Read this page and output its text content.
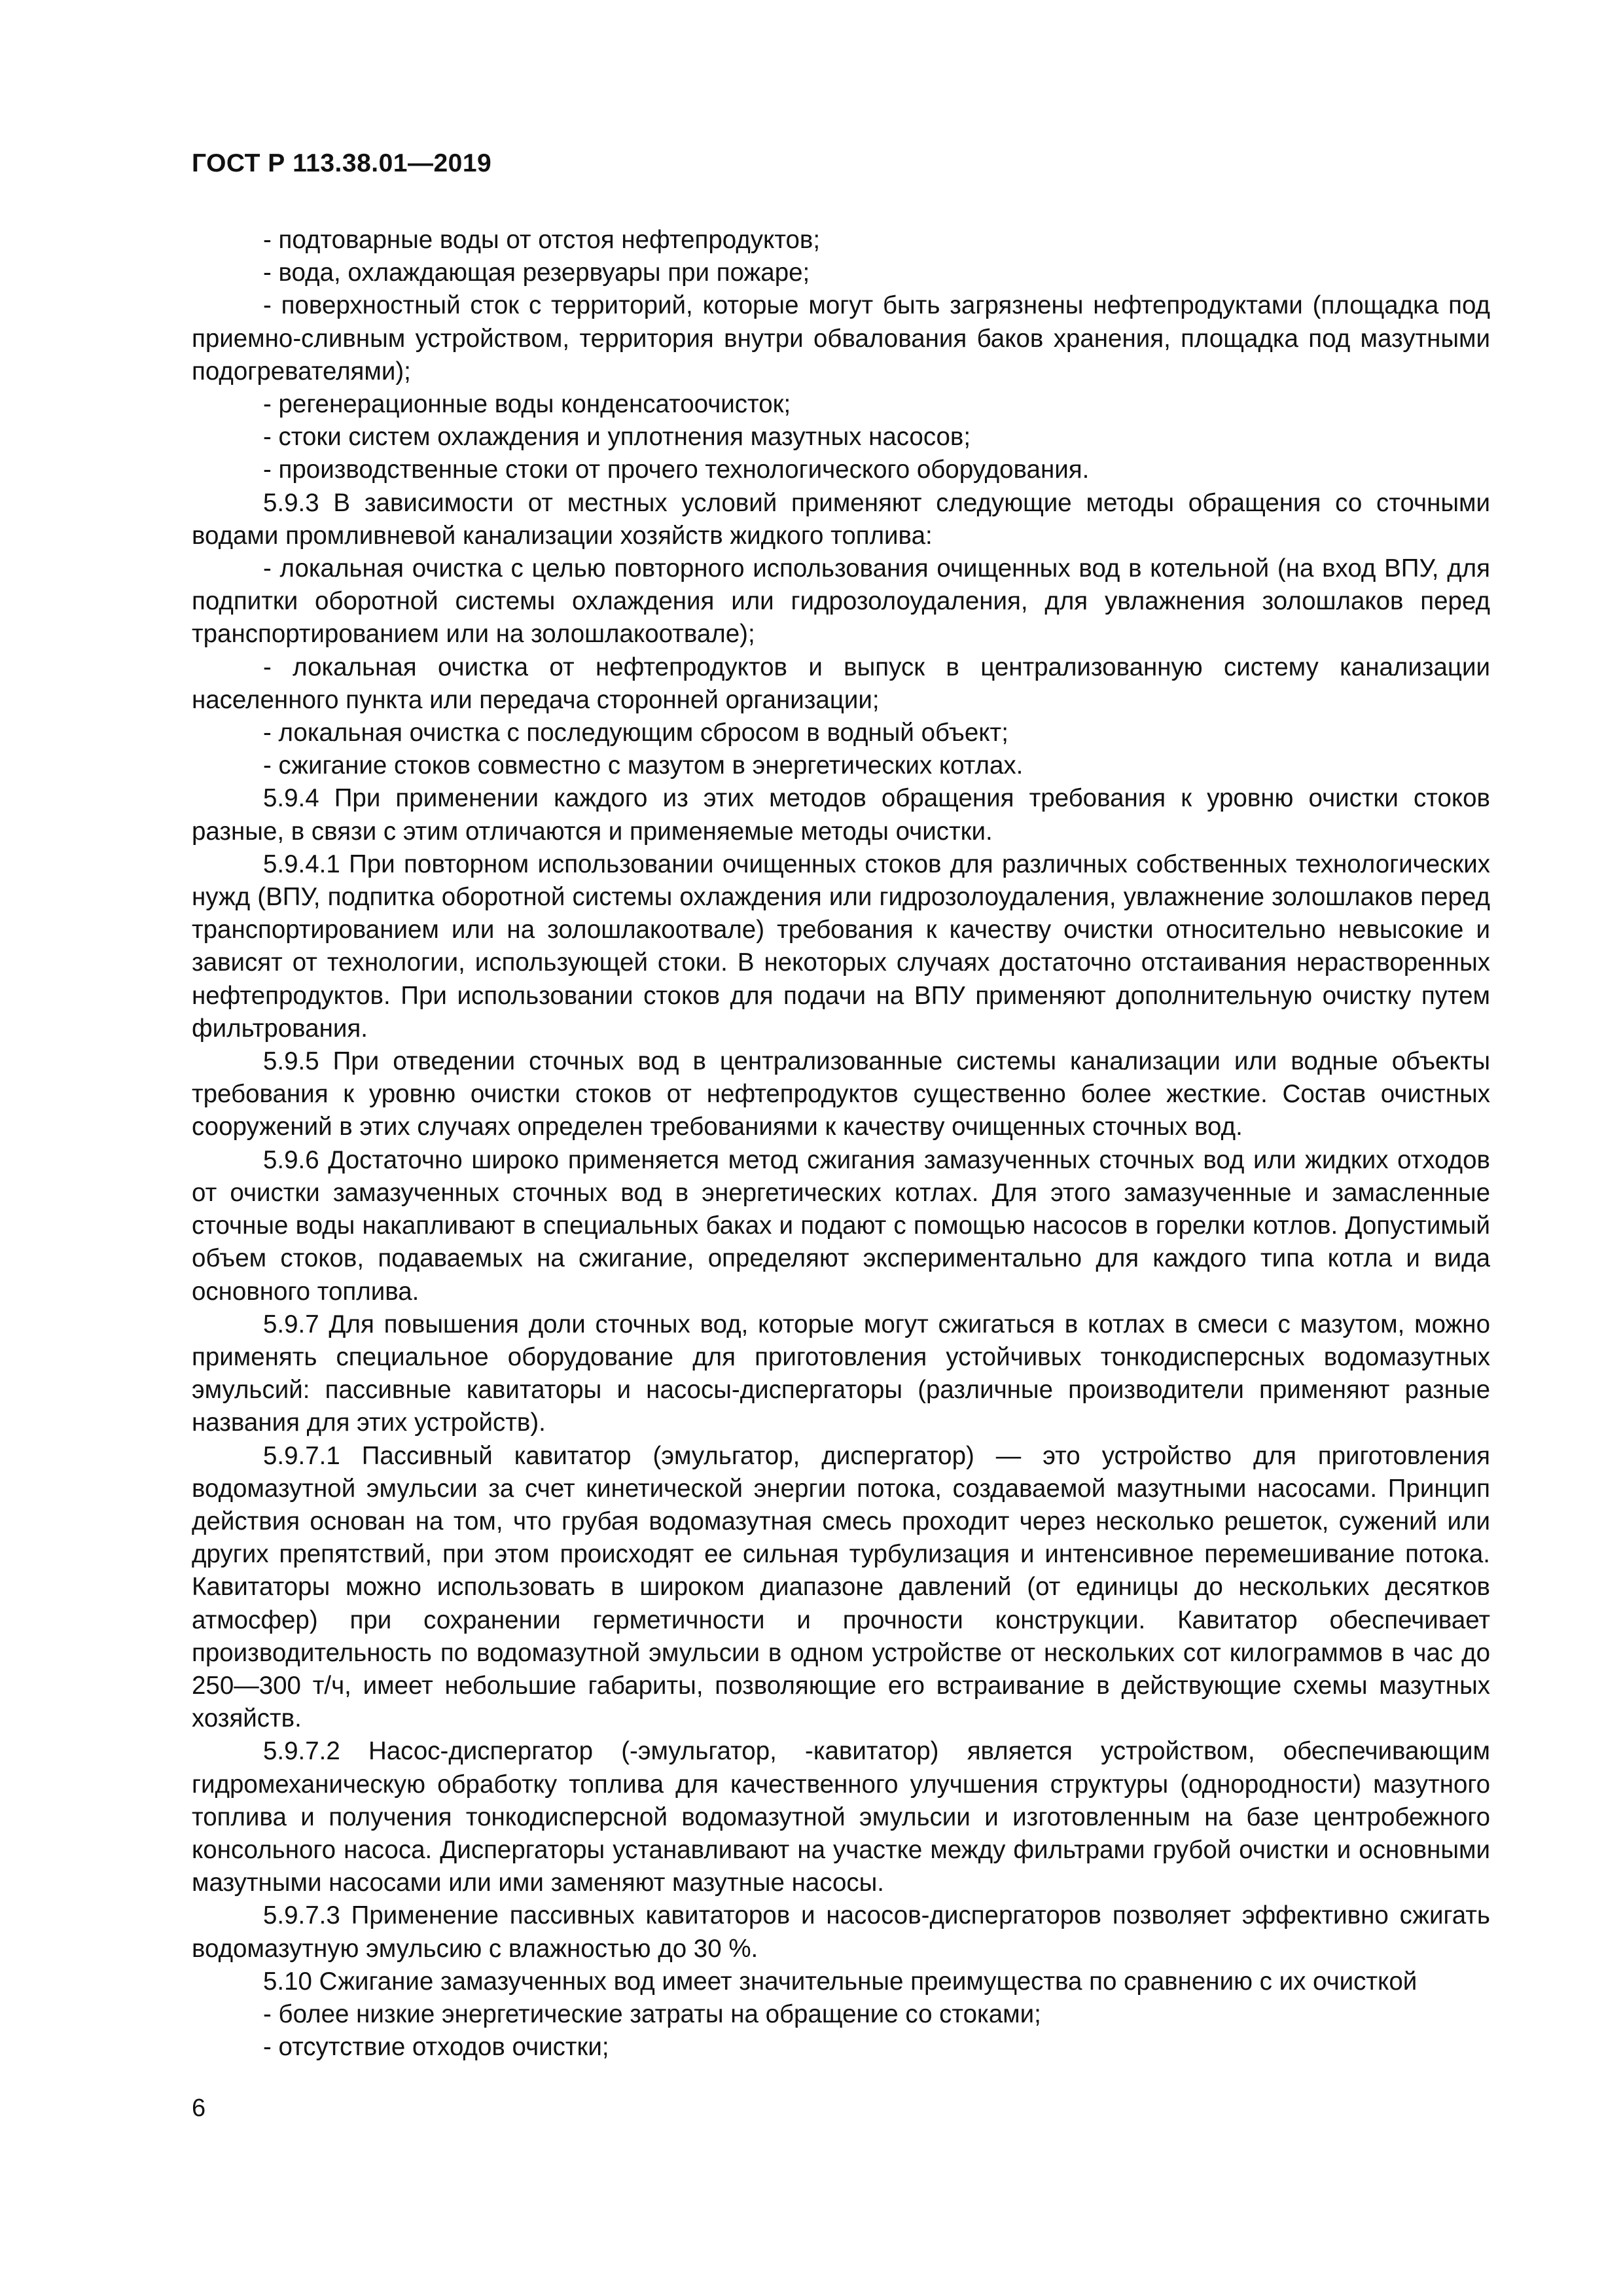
ГОСТ Р 113.38.01—2019

- подтоварные воды от отстоя нефтепродуктов;

- вода, охлаждающая резервуары при пожаре;

- поверхностный сток с территорий, которые могут быть загрязнены нефтепродуктами (площадка под приемно-сливным устройством, территория внутри обвалования баков хранения, площадка под мазутными подогревателями);

- регенерационные воды конденсатоочисток;

- стоки систем охлаждения и уплотнения мазутных насосов;

- производственные стоки от прочего технологического оборудования.

5.9.3 В зависимости от местных условий применяют следующие методы обращения со сточными водами промливневой канализации хозяйств жидкого топлива:

- локальная очистка с целью повторного использования очищенных вод в котельной (на вход ВПУ, для подпитки оборотной системы охлаждения или гидрозолоудаления, для увлажнения золошлаков перед транспортированием или на золошлакоотвале);

- локальная очистка от нефтепродуктов и выпуск в централизованную систему канализации населенного пункта или передача сторонней организации;

- локальная очистка с последующим сбросом в водный объект;

- сжигание стоков совместно с мазутом в энергетических котлах.

5.9.4 При применении каждого из этих методов обращения требования к уровню очистки стоков разные, в связи с этим отличаются и применяемые методы очистки.

5.9.4.1 При повторном использовании очищенных стоков для различных собственных технологических нужд (ВПУ, подпитка оборотной системы охлаждения или гидрозолоудаления, увлажнение золошлаков перед транспортированием или на золошлакоотвале) требования к качеству очистки относительно невысокие и зависят от технологии, использующей стоки. В некоторых случаях достаточно отстаивания нерастворенных нефтепродуктов. При использовании стоков для подачи на ВПУ применяют дополнительную очистку путем фильтрования.

5.9.5 При отведении сточных вод в централизованные системы канализации или водные объекты требования к уровню очистки стоков от нефтепродуктов существенно более жесткие. Состав очистных сооружений в этих случаях определен требованиями к качеству очищенных сточных вод.

5.9.6 Достаточно широко применяется метод сжигания замазученных сточных вод или жидких отходов от очистки замазученных сточных вод в энергетических котлах. Для этого замазученные и замасленные сточные воды накапливают в специальных баках и подают с помощью насосов в горелки котлов. Допустимый объем стоков, подаваемых на сжигание, определяют экспериментально для каждого типа котла и вида основного топлива.

5.9.7 Для повышения доли сточных вод, которые могут сжигаться в котлах в смеси с мазутом, можно применять специальное оборудование для приготовления устойчивых тонкодисперсных водомазутных эмульсий: пассивные кавитаторы и насосы-диспергаторы (различные производители применяют разные названия для этих устройств).

5.9.7.1 Пассивный кавитатор (эмульгатор, диспергатор) — это устройство для приготовления водомазутной эмульсии за счет кинетической энергии потока, создаваемой мазутными насосами. Принцип действия основан на том, что грубая водомазутная смесь проходит через несколько решеток, сужений или других препятствий, при этом происходят ее сильная турбулизация и интенсивное перемешивание потока. Кавитаторы можно использовать в широком диапазоне давлений (от единицы до нескольких десятков атмосфер) при сохранении герметичности и прочности конструкции. Кавитатор обеспечивает производительность по водомазутной эмульсии в одном устройстве от нескольких сот килограммов в час до 250—300 т/ч, имеет небольшие габариты, позволяющие его встраивание в действующие схемы мазутных хозяйств.

5.9.7.2 Насос-диспергатор (-эмульгатор, -кавитатор) является устройством, обеспечивающим гидромеханическую обработку топлива для качественного улучшения структуры (однородности) мазутного топлива и получения тонкодисперсной водомазутной эмульсии и изготовленным на базе центробежного консольного насоса. Диспергаторы устанавливают на участке между фильтрами грубой очистки и основными мазутными насосами или ими заменяют мазутные насосы.

5.9.7.3 Применение пассивных кавитаторов и насосов-диспергаторов позволяет эффективно сжигать водомазутную эмульсию с влажностью до 30 %.

5.10 Сжигание замазученных вод имеет значительные преимущества по сравнению с их очисткой

- более низкие энергетические затраты на обращение со стоками;

- отсутствие отходов очистки;

6
